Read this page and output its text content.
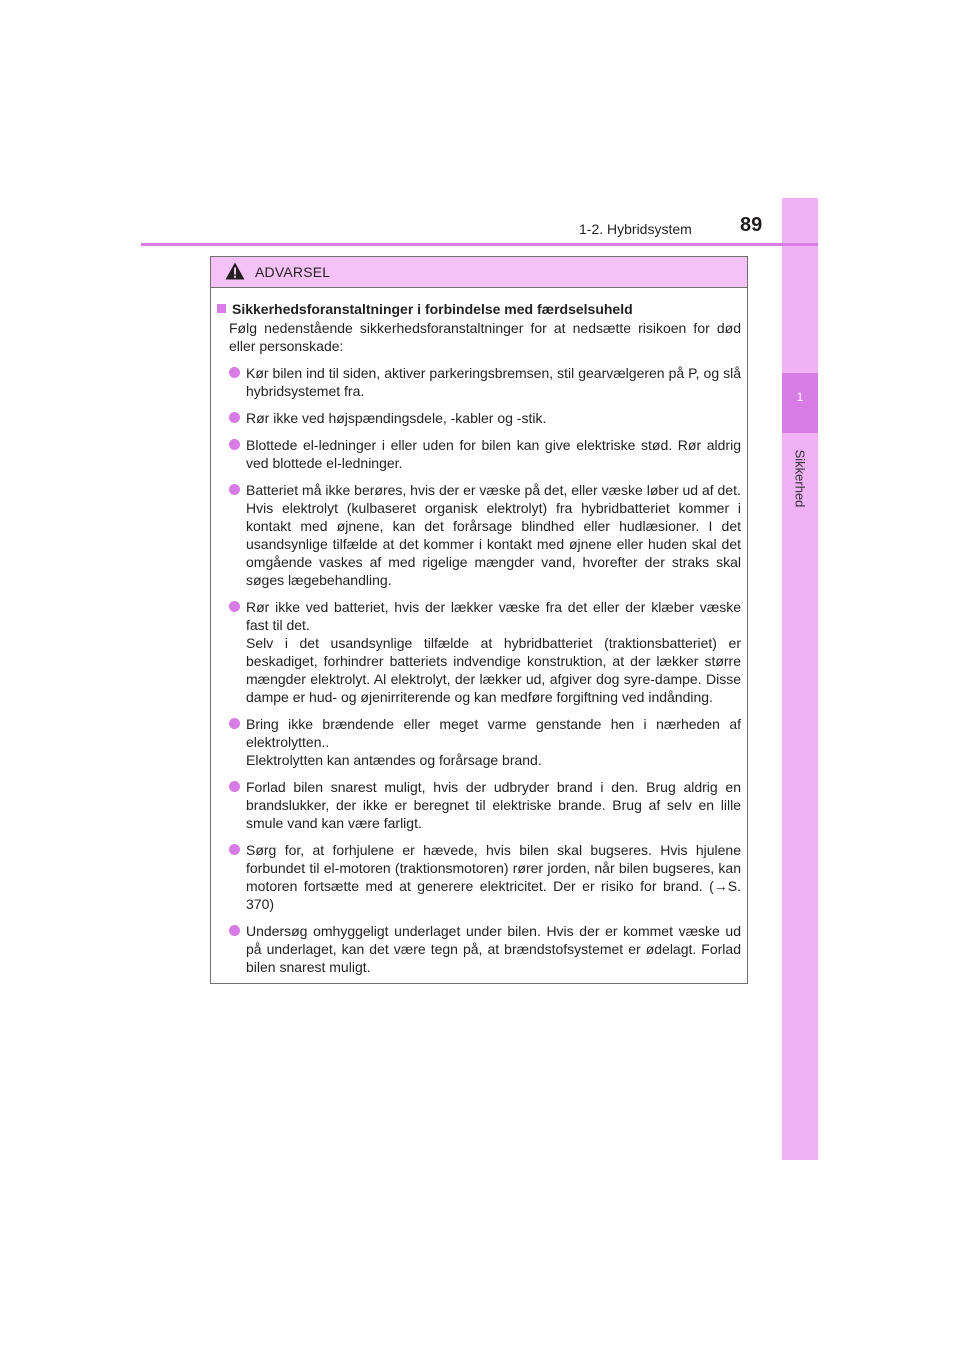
1
Sikkerhed
1-2. Hybridsystem 89
ADVARSEL
Sikkerhedsforanstaltninger i forbindelse med færdselsuheld
Følg nedenstående sikkerhedsforanstaltninger for at nedsætte risikoen for død eller personskade:
Kør bilen ind til siden, aktiver parkeringsbremsen, stil gearvælgeren på P, og slå hybridsystemet fra.
Rør ikke ved højspændingsdele, -kabler og -stik.
Blottede el-ledninger i eller uden for bilen kan give elektriske stød. Rør aldrig ved blottede el-ledninger.
Batteriet må ikke berøres, hvis der er væske på det, eller væske løber ud af det.
Hvis elektrolyt (kulbaseret organisk elektrolyt) fra hybridbatteriet kommer i kontakt med øjnene, kan det forårsage blindhed eller hudlæsioner. I det usandsynlige tilfælde at det kommer i kontakt med øjnene eller huden skal det omgående vaskes af med rigelige mængder vand, hvorefter der straks skal søges lægebehandling.
Rør ikke ved batteriet, hvis der lækker væske fra det eller der klæber væske fast til det.
Selv i det usandsynlige tilfælde at hybridbatteriet (traktionsbatteriet) er beskadiget, forhindrer batteriets indvendige konstruktion, at der lækker større mængder elektrolyt. Al elektrolyt, der lækker ud, afgiver dog syre-dampe. Disse dampe er hud- og øjenirriterende og kan medføre forgiftning ved indånding.
Bring ikke brændende eller meget varme genstande hen i nærheden af elektrolytten..
Elektrolytten kan antændes og forårsage brand.
Forlad bilen snarest muligt, hvis der udbryder brand i den. Brug aldrig en brandslukker, der ikke er beregnet til elektriske brande. Brug af selv en lille smule vand kan være farligt.
Sørg for, at forhjulene er hævede, hvis bilen skal bugseres. Hvis hjulene forbundet til el-motoren (traktionsmotoren) rører jorden, når bilen bugseres, kan motoren fortsætte med at generere elektricitet. Der er risiko for brand. (→S. 370)
Undersøg omhyggeligt underlaget under bilen. Hvis der er kommet væske ud på underlaget, kan det være tegn på, at brændstofsystemet er ødelagt. Forlad bilen snarest muligt.
